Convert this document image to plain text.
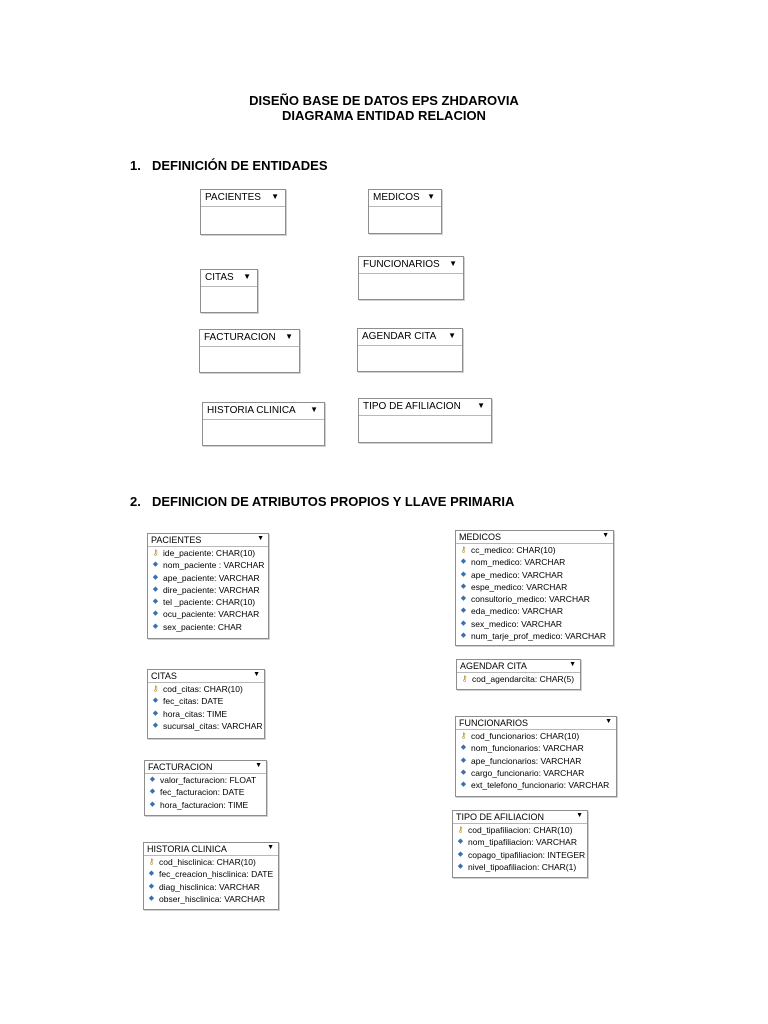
DISEÑO BASE DE DATOS EPS ZHDAROVIA
DIAGRAMA ENTIDAD RELACION
1. DEFINICIÓN DE ENTIDADES
PACIENTES ▼	MEDICOS ▼
CITAS ▼
FUNCIONARIOS ▼
FACTURACION ▼	AGENDAR CITA ▼
HISTORIA CLINICA ▼	TIPO DE AFILIACION ▼
2. DEFINICION DE ATRIBUTOS PROPIOS Y LLAVE PRIMARIA
PACIENTES	▼
⚷ ide_paciente: CHAR(10)
◆ nom_paciente : VARCHAR
◆ ape_paciente: VARCHAR
◆ dire_paciente: VARCHAR
◆ tel _paciente: CHAR(10)
◆ ocu_paciente: VARCHAR
◆ sex_paciente: CHAR
MEDICOS	▼
⚷ cc_medico: CHAR(10)
◆ nom_medico: VARCHAR
◆ ape_medico: VARCHAR
◆ espe_medico: VARCHAR
◆ consultorio_medico: VARCHAR
◆ eda_medico: VARCHAR
◆ sex_medico: VARCHAR
◆ num_tarje_prof_medico: VARCHAR
CITAS	▼
⚷ cod_citas: CHAR(10)
◆ fec_citas: DATE
◆ hora_citas: TIME
◆ sucursal_citas: VARCHAR
AGENDAR CITA	▼
⚷ cod_agendarcita: CHAR(5)
FUNCIONARIOS	▼
⚷ cod_funcionarios: CHAR(10)
◆ nom_funcionarios: VARCHAR
◆ ape_funcionarios: VARCHAR
◆ cargo_funcionario: VARCHAR
◆ ext_telefono_funcionario: VARCHAR
FACTURACION	▼
◆ valor_facturacion: FLOAT
◆ fec_facturacion: DATE
◆ hora_facturacion: TIME
TIPO DE AFILIACION	▼
⚷ cod_tipafiliacion: CHAR(10)
◆ nom_tipafiliacion: VARCHAR
◆ copago_tipafiliacion: INTEGER
◆ nivel_tipoafiliacion: CHAR(1)
HISTORIA CLINICA	▼
⚷ cod_hisclinica: CHAR(10)
◆ fec_creacion_hisclinica: DATE
◆ diag_hisclinica: VARCHAR
◆ obser_hisclinica: VARCHAR
